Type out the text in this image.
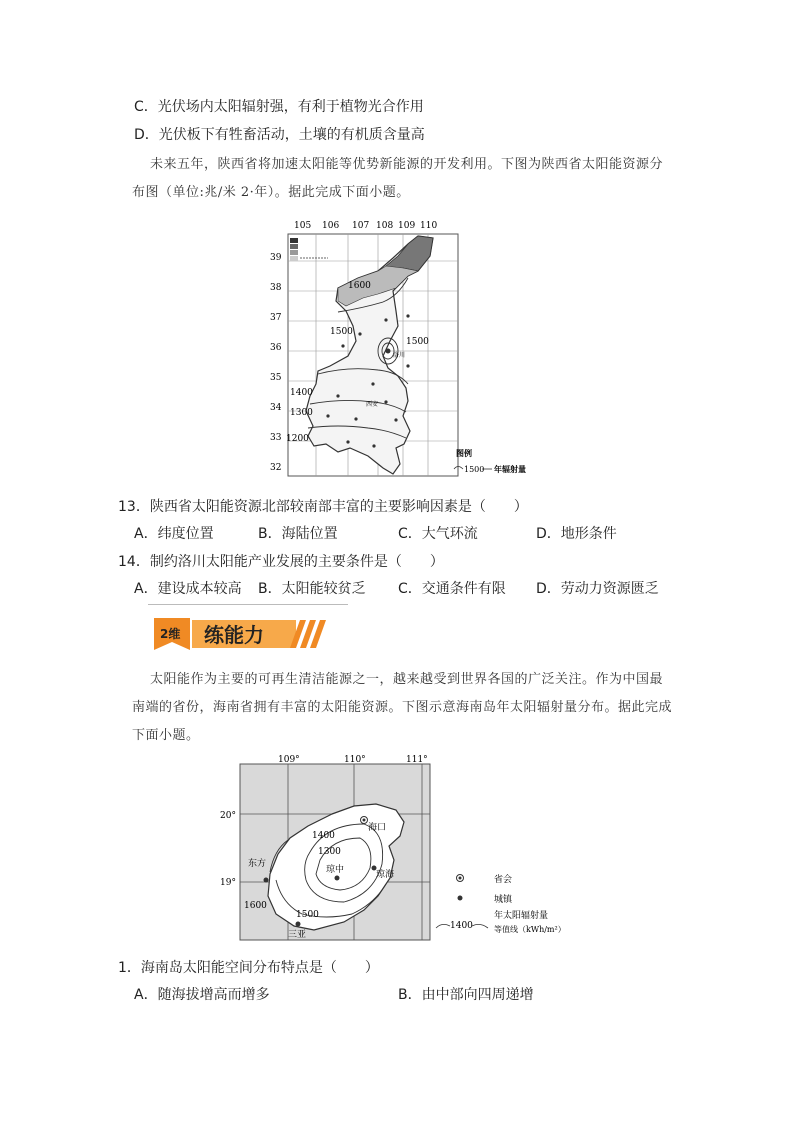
C．光伏场内太阳辐射强，有利于植物光合作用
D．光伏板下有牲畜活动，土壤的有机质含量高
未来五年，陕西省将加速太阳能等优势新能源的开发利用。下图为陕西省太阳能资源分
布图（单位:兆/米 2·年）。据此完成下面小题。
105 106 107 108 109 110
39
38
37
36
35
34
33
32
1600
1500
1500
1400
1300
1200
洛川
西安
图例
1500 年辐射量
13．陕西省太阳能资源北部较南部丰富的主要影响因素是（　　）
A．纬度位置	B．海陆位置	C．大气环流	D．地形条件
14．制约洛川太阳能产业发展的主要条件是（　　）
A．建设成本较高 B．太阳能较贫乏 C．交通条件有限 D．劳动力资源匮乏
2维 练能力
太阳能作为主要的可再生清洁能源之一，越来越受到世界各国的广泛关注。作为中国最
南端的省份，海南省拥有丰富的太阳能资源。下图示意海南岛年太阳辐射量分布。据此完成
下面小题。
109°	110°	111°
20°
19°
1400
1300
1500
1600
海口
琼中	琼海
东方
三亚
省会
城镇
1400
年太阳辐射量
等值线（kWh/m²）
1．海南岛太阳能空间分布特点是（　　）
A．随海拔增高而增多	B．由中部向四周递增
